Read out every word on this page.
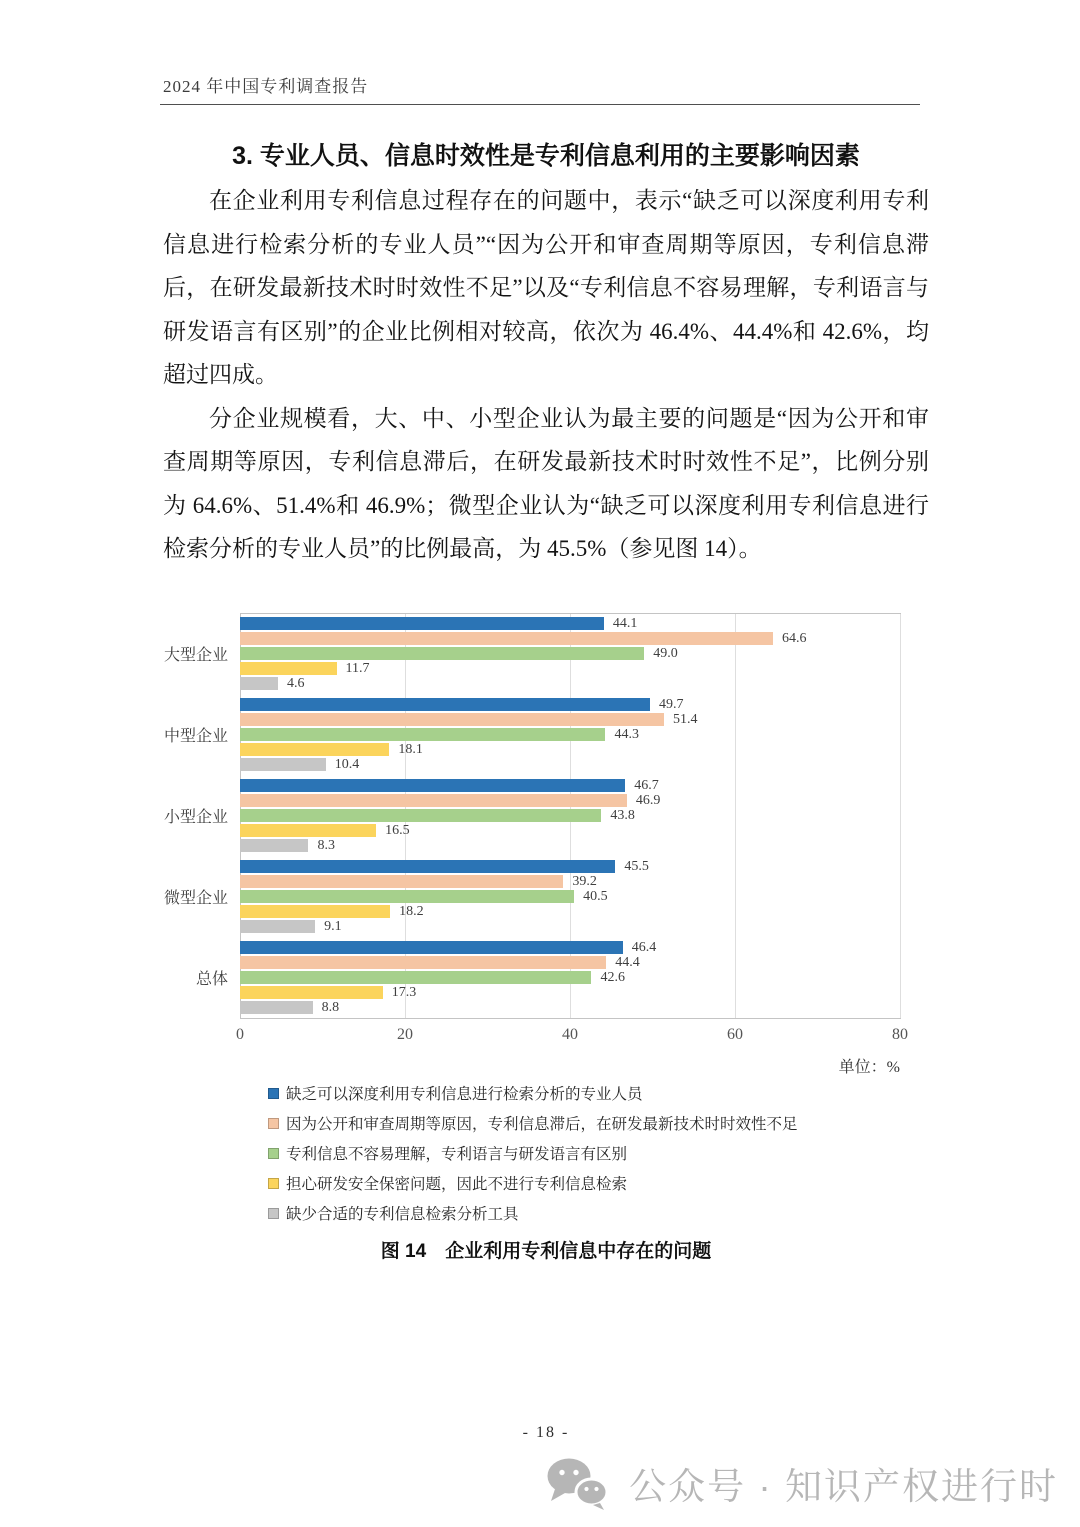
2024 年中国专利调查报告
3. 专业人员、信息时效性是专利信息利用的主要影响因素

在企业利用专利信息过程存在的问题中，表示“缺乏可以深度利用专利信息进行检索分析的专业人员”“因为公开和审查周期等原因，专利信息滞后，在研发最新技术时时效性不足”以及“专利信息不容易理解，专利语言与研发语言有区别”的企业比例相对较高，依次为 46.4%、44.4%和 42.6%，均超过四成。

分企业规模看，大、中、小型企业认为最主要的问题是“因为公开和审查周期等原因，专利信息滞后，在研发最新技术时时效性不足”，比例分别为 64.6%、51.4%和 46.9%；微型企业认为“缺乏可以深度利用专利信息进行检索分析的专业人员”的比例最高，为 45.5%（参见图 14）。

大型企业
44.1
64.6
49.0
11.7
4.6
中型企业
49.7
51.4
44.3
18.1
10.4
小型企业
46.7
46.9
43.8
16.5
8.3
微型企业
45.5
39.2
40.5
18.2
9.1
总体
46.4
44.4
42.6
17.3
8.8
0	20	40	60	80
单位：%
缺乏可以深度利用专利信息进行检索分析的专业人员
因为公开和审查周期等原因，专利信息滞后，在研发最新技术时时效性不足
专利信息不容易理解，专利语言与研发语言有区别
担心研发安全保密问题，因此不进行专利信息检索
缺少合适的专利信息检索分析工具
图 14　企业利用专利信息中存在的问题
- 18 -
公众号 · 知识产权进行时
